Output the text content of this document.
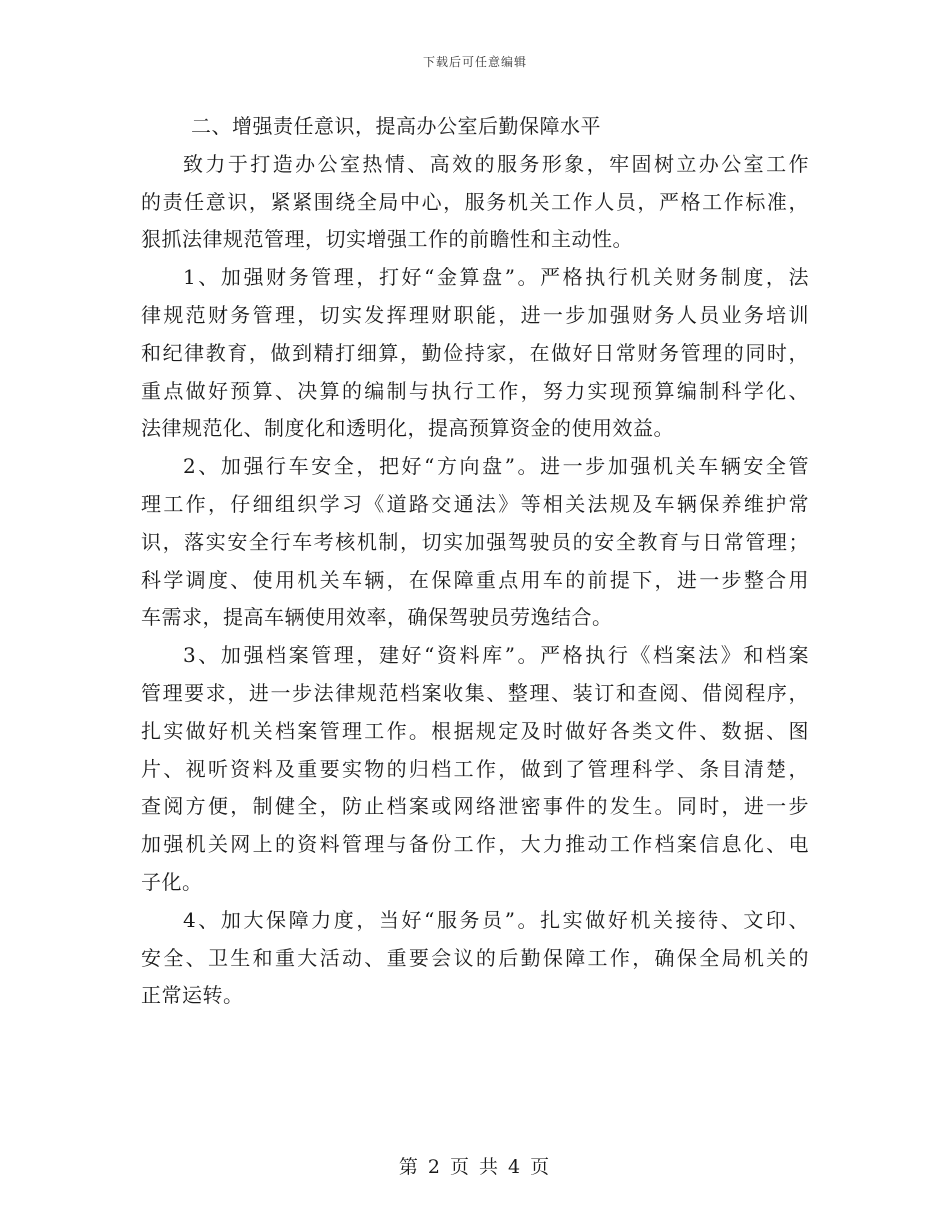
下载后可任意编辑
二、增强责任意识，提高办公室后勤保障水平
致力于打造办公室热情、高效的服务形象，牢固树立办公室工作
的责任意识，紧紧围绕全局中心，服务机关工作人员，严格工作标准，
狠抓法律规范管理，切实增强工作的前瞻性和主动性。
1、加强财务管理，打好“金算盘”。严格执行机关财务制度，法
律规范财务管理，切实发挥理财职能，进一步加强财务人员业务培训
和纪律教育，做到精打细算，勤俭持家，在做好日常财务管理的同时，
重点做好预算、决算的编制与执行工作，努力实现预算编制科学化、
法律规范化、制度化和透明化，提高预算资金的使用效益。
2、加强行车安全，把好“方向盘”。进一步加强机关车辆安全管
理工作，仔细组织学习《道路交通法》等相关法规及车辆保养维护常
识，落实安全行车考核机制，切实加强驾驶员的安全教育与日常管理；
科学调度、使用机关车辆，在保障重点用车的前提下，进一步整合用
车需求，提高车辆使用效率，确保驾驶员劳逸结合。
3、加强档案管理，建好“资料库”。严格执行《档案法》和档案
管理要求，进一步法律规范档案收集、整理、装订和查阅、借阅程序，
扎实做好机关档案管理工作。根据规定及时做好各类文件、数据、图
片、视听资料及重要实物的归档工作，做到了管理科学、条目清楚，
查阅方便，制健全，防止档案或网络泄密事件的发生。同时，进一步
加强机关网上的资料管理与备份工作，大力推动工作档案信息化、电
子化。
4、加大保障力度，当好“服务员”。扎实做好机关接待、文印、
安全、卫生和重大活动、重要会议的后勤保障工作，确保全局机关的
正常运转。
第 2 页 共 4 页
